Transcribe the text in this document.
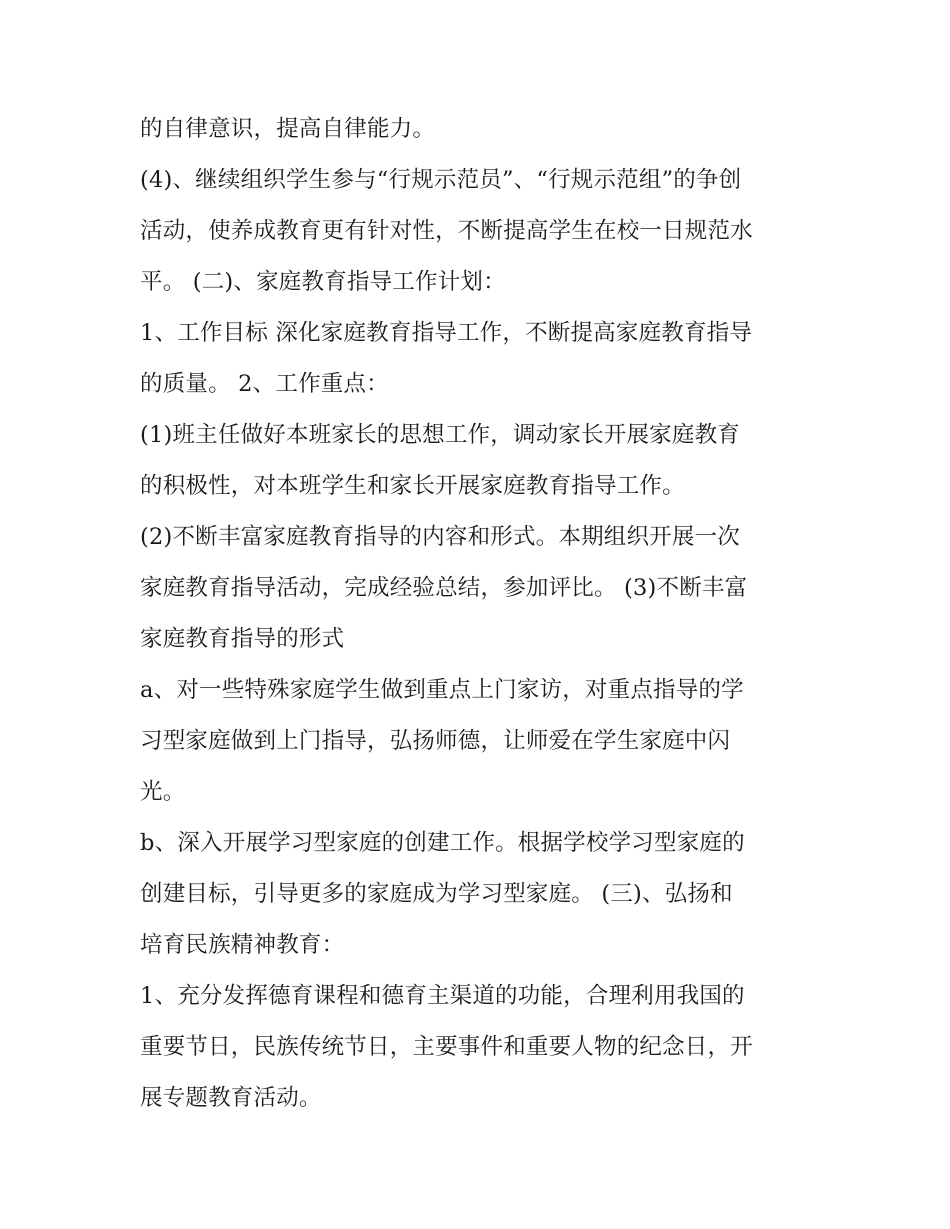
的自律意识，提高自律能力。
(4)、继续组织学生参与“行规示范员”、“行规示范组”的争创
活动，使养成教育更有针对性，不断提高学生在校一日规范水
平。 (二)、家庭教育指导工作计划：
1、工作目标 深化家庭教育指导工作，不断提高家庭教育指导
的质量。 2、工作重点：
(1)班主任做好本班家长的思想工作，调动家长开展家庭教育
的积极性，对本班学生和家长开展家庭教育指导工作。
(2)不断丰富家庭教育指导的内容和形式。本期组织开展一次
家庭教育指导活动，完成经验总结，参加评比。 (3)不断丰富
家庭教育指导的形式
a、对一些特殊家庭学生做到重点上门家访，对重点指导的学
习型家庭做到上门指导，弘扬师德，让师爱在学生家庭中闪
光。
b、深入开展学习型家庭的创建工作。根据学校学习型家庭的
创建目标，引导更多的家庭成为学习型家庭。 (三)、弘扬和
培育民族精神教育：
1、充分发挥德育课程和德育主渠道的功能，合理利用我国的
重要节日，民族传统节日，主要事件和重要人物的纪念日，开
展专题教育活动。
